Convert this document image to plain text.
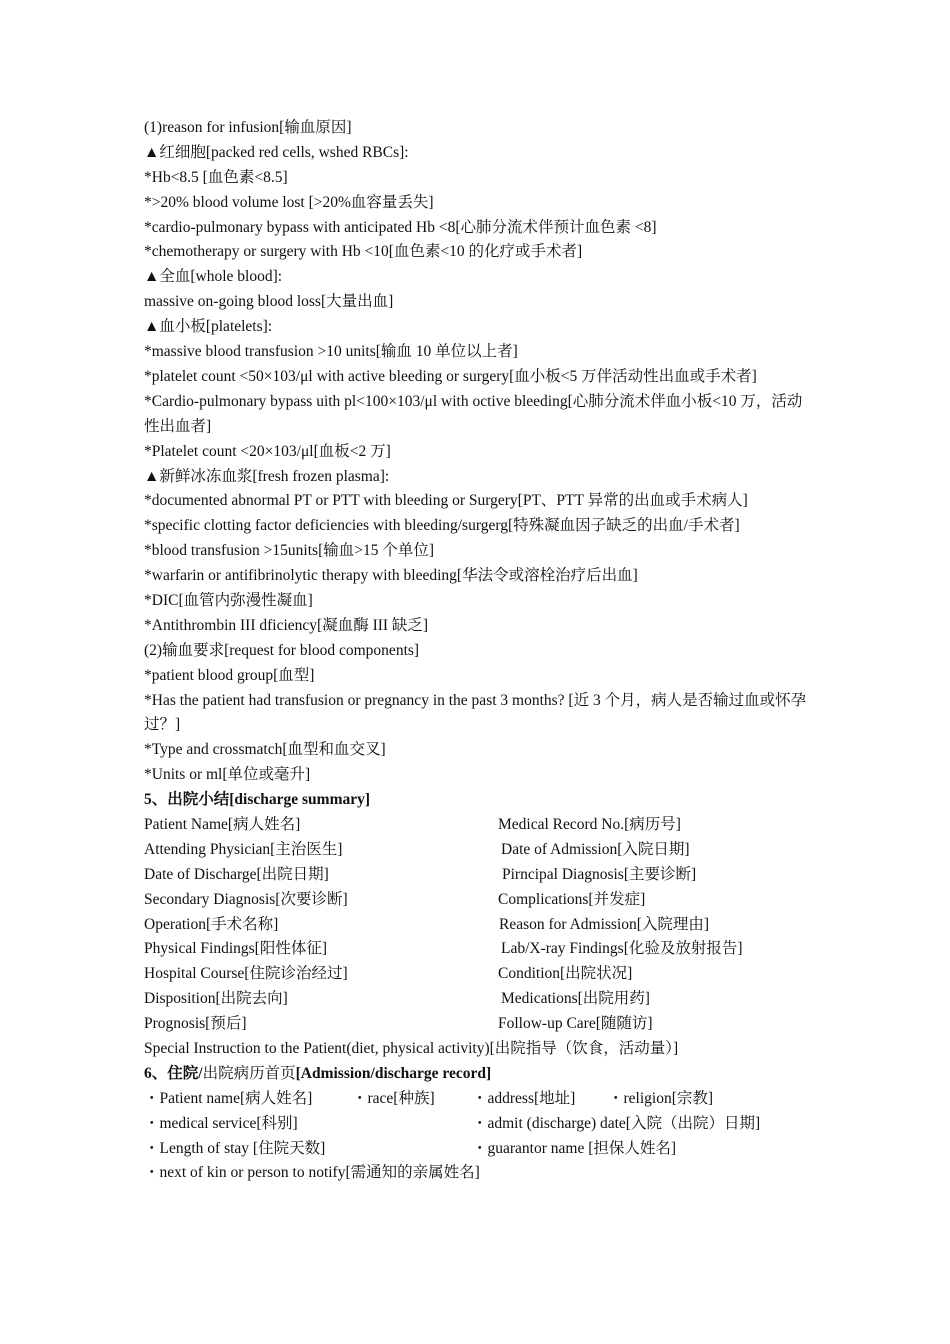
(1)reason for infusion[输血原因]
▲红细胞[packed red cells, wshed RBCs]:
*Hb<8.5 [血色素<8.5]
*>20% blood volume lost [>20%血容量丢失]
*cardio-pulmonary bypass with anticipated Hb <8[心肺分流术伴预计血色素 <8]
*chemotherapy or surgery with Hb <10[血色素<10 的化疗或手术者]
▲全血[whole blood]:
massive on-going blood loss[大量出血]
▲血小板[platelets]:
*massive blood transfusion >10 units[输血 10 单位以上者]
*platelet count <50×103/μl with active bleeding or surgery[血小板<5 万伴活动性出血或手术者]
*Cardio-pulmonary bypass uith pl<100×103/μl with octive bleeding[心肺分流术伴血小板<10 万，活动性出血者]
*Platelet count <20×103/μl[血板<2 万]
▲新鲜冰冻血浆[fresh frozen plasma]:
*documented abnormal PT or PTT with bleeding or Surgery[PT、PTT 异常的出血或手术病人]
*specific clotting factor deficiencies with bleeding/surgerg[特殊凝血因子缺乏的出血/手术者]
*blood transfusion >15units[输血>15 个单位]
*warfarin or antifibrinolytic therapy with bleeding[华法令或溶栓治疗后出血]
*DIC[血管内弥漫性凝血]
*Antithrombin III dficiency[凝血酶 III 缺乏]
(2)输血要求[request for blood components]
*patient blood group[血型]
*Has the patient had transfusion or pregnancy in the past 3 months? [近 3 个月，病人是否输过血或怀孕过？]
*Type and crossmatch[血型和血交叉]
*Units or ml[单位或毫升]
5、出院小结[discharge summary]
Patient Name[病人姓名]	Medical Record No.[病历号]
Attending Physician[主治医生]	Date of Admission[入院日期]
Date of Discharge[出院日期]	Pirncipal Diagnosis[主要诊断]
Secondary Diagnosis[次要诊断]	Complications[并发症]
Operation[手术名称]	Reason for Admission[入院理由]
Physical Findings[阳性体征]	Lab/X-ray Findings[化验及放射报告]
Hospital Course[住院诊治经过]	Condition[出院状况]
Disposition[出院去向]	Medications[出院用药]
Prognosis[预后]	Follow-up Care[随随访]
Special Instruction to the Patient(diet, physical activity)[出院指导（饮食，活动量）]
6、住院/出院病历首页[Admission/discharge record]
・Patient name[病人姓名]	・race[种族]	・address[地址]	・religion[宗教]
・medical service[科别]	・admit (discharge) date[入院（出院）日期]
・Length of stay [住院天数]	・guarantor name [担保人姓名]
・next of kin or person to notify[需通知的亲属姓名]
